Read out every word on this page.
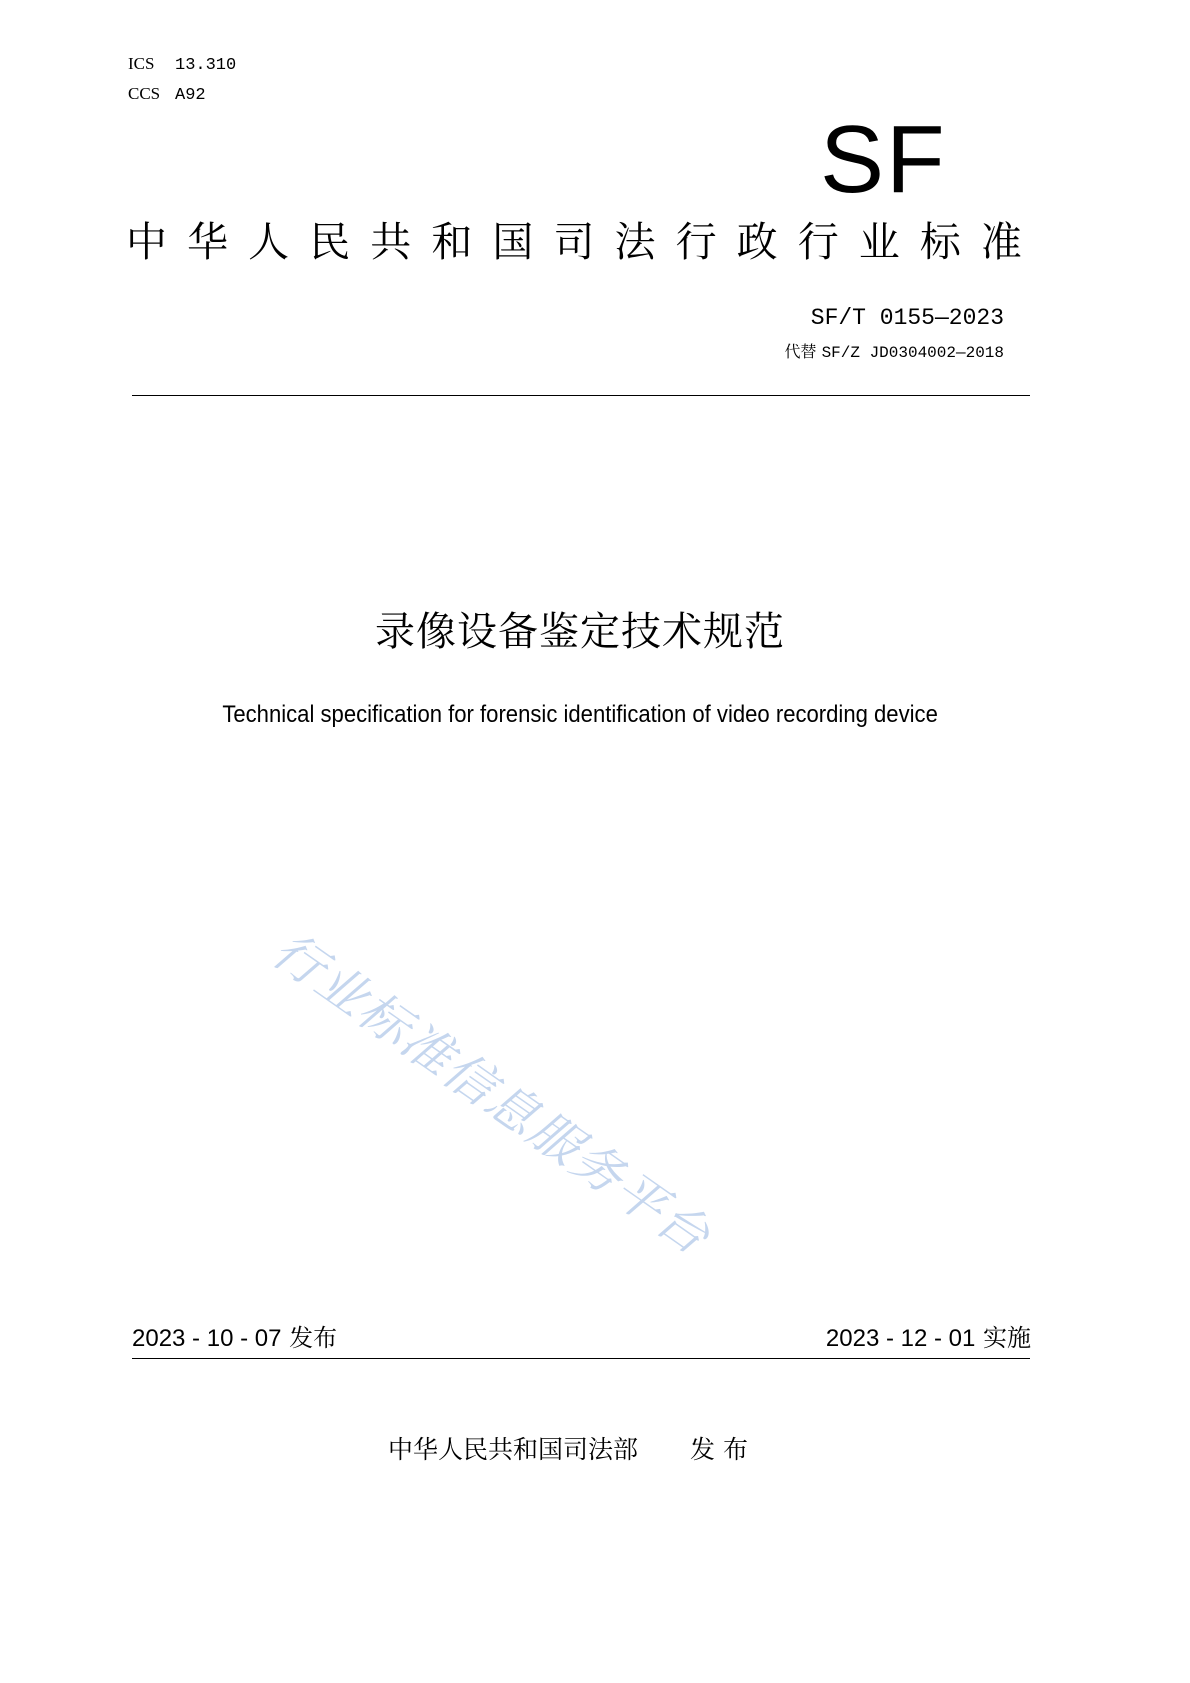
ICS 13.310
CCS A92
SF
中 华 人 民 共 和 国 司 法 行 政 行 业 标 准
SF/T 0155—2023
代替 SF/Z JD0304002—2018
录像设备鉴定技术规范
Technical specification for forensic identification of video recording device
行业标准信息服务平台
2023 - 10 - 07 发布	2023 - 12 - 01 实施
中华人民共和国司法部 发 布
